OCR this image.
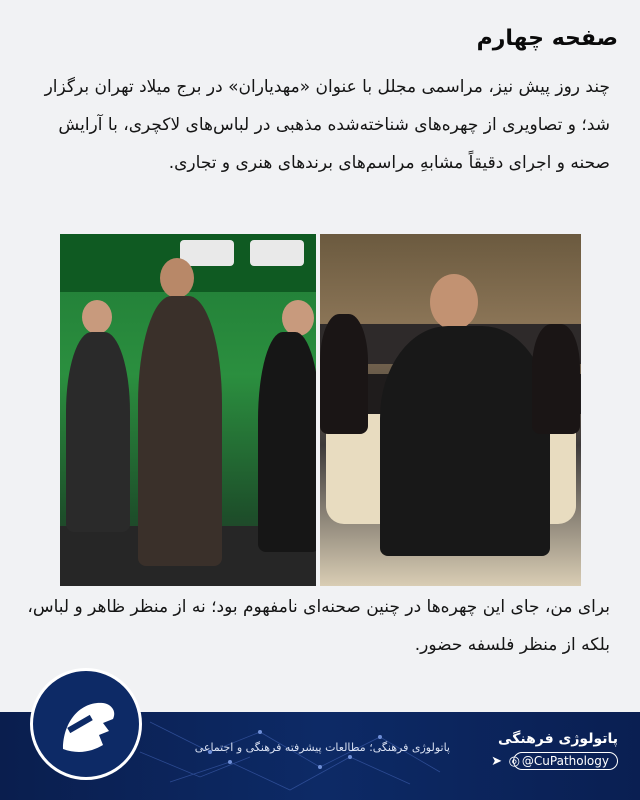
صفحه چهارم

چند روز پیش نیز، مراسمی مجلل با عنوان «مهدیاران» در برج میلاد تهران برگزار شد؛ و تصاویری از چهره‌های شناخته‌شده مذهبی در لباس‌های لاکچری، با آرایش صحنه و اجرای دقیقاً مشابهِ مراسم‌های برندهای هنری و تجاری.

برای من، جای این چهره‌ها در چنین صحنه‌ای نامفهوم بود؛ نه از منظر ظاهر و لباس، بلکه از منظر فلسفه حضور.

پاتولوژی فرهنگی

@CuPathology
◎
➤
پاتولوژی فرهنگی؛ مطالعات پیشرفته فرهنگی و اجتماعی
